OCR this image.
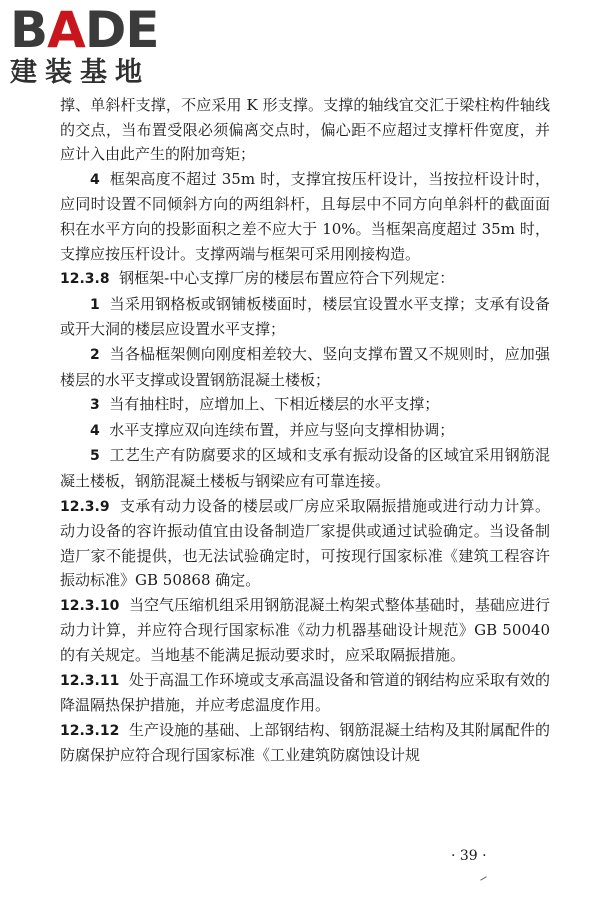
BADE
建装基地

撑、单斜杆支撑，不应采用 K 形支撑。支撑的轴线宜交汇于梁柱构件轴线的交点，当布置受限必须偏离交点时，偏心距不应超过支撑杆件宽度，并应计入由此产生的附加弯矩；

4 框架高度不超过 35m 时，支撑宜按压杆设计，当按拉杆设计时，应同时设置不同倾斜方向的两组斜杆，且每层中不同方向单斜杆的截面面积在水平方向的投影面积之差不应大于 10%。当框架高度超过 35m 时，支撑应按压杆设计。支撑两端与框架可采用刚接构造。

12.3.8 钢框架-中心支撑厂房的楼层布置应符合下列规定：

1 当采用钢格板或钢铺板楼面时，楼层宜设置水平支撑；支承有设备或开大洞的楼层应设置水平支撑；

2 当各榀框架侧向刚度相差较大、竖向支撑布置又不规则时，应加强楼层的水平支撑或设置钢筋混凝土楼板；

3 当有抽柱时，应增加上、下相近楼层的水平支撑；

4 水平支撑应双向连续布置，并应与竖向支撑相协调；

5 工艺生产有防腐要求的区域和支承有振动设备的区域宜采用钢筋混凝土楼板，钢筋混凝土楼板与钢梁应有可靠连接。

12.3.9 支承有动力设备的楼层或厂房应采取隔振措施或进行动力计算。动力设备的容许振动值宜由设备制造厂家提供或通过试验确定。当设备制造厂家不能提供，也无法试验确定时，可按现行国家标准《建筑工程容许振动标准》GB 50868 确定。

12.3.10 当空气压缩机组采用钢筋混凝土构架式整体基础时，基础应进行动力计算，并应符合现行国家标准《动力机器基础设计规范》GB 50040 的有关规定。当地基不能满足振动要求时，应采取隔振措施。

12.3.11 处于高温工作环境或支承高温设备和管道的钢结构应采取有效的降温隔热保护措施，并应考虑温度作用。

12.3.12 生产设施的基础、上部钢结构、钢筋混凝土结构及其附属配件的防腐保护应符合现行国家标准《工业建筑防腐蚀设计规

· 39 ·
